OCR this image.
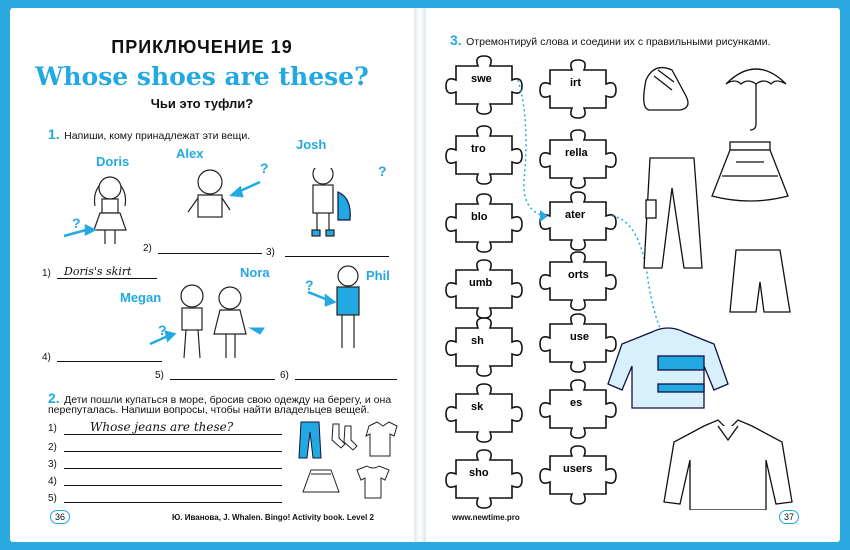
ПРИКЛЮЧЕНИЕ 19
Whose shoes are these?
Чьи это туфли?
1. Напиши, кому принадлежат эти вещи.
Doris
Alex
Josh
Megan
Nora	Phil
?
?	?
?
?
2)	3)
1) Doris's skirt
4)
5)	6)
2. Дети пошли купаться в море, бросив свою одежду на берегу, и она
перепуталась. Напиши вопросы, чтобы найти владельцев вещей.
1)	Whose jeans are these?
2)
3)
4)
5)
36	Ю. Иванова, J. Whalen. Bingo! Activity book. Level 2
3. Отремонтируй слова и соедини их с правильными рисунками.
swe
tro
blo
umb
sh
sk
sho
irt
rella
ater
orts
use
es
users
www.newtime.pro	37
